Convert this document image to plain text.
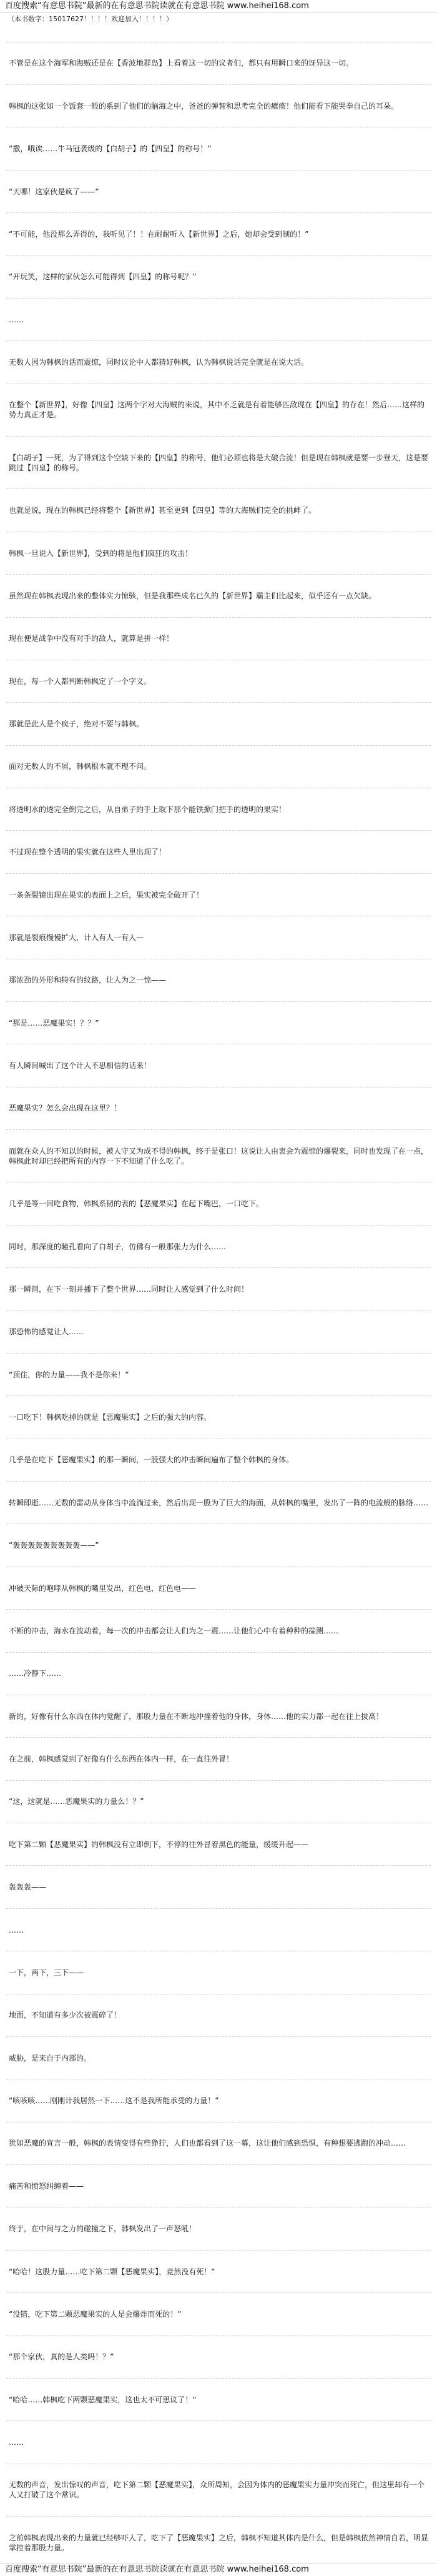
百度搜索“有意思书院”最新的在有意思书院读就在有意思书院 www.heihei168.com
（本书数字：15017627！！！！欢迎加入！！！！）
不管是在这个海军和海贼还是在【香波地群岛】上看着这一切的议者们，都只有用瞬口来的讶异这一切。
韩枫的这张如一个饭套一般的系到了他们的脑海之中，爸爸的弹智和思考完全的瘫痪！他们能看下能哭拳自己的耳朵。
“撒，哦诶……牛马冠袭级的【白胡子】的【四皇】的称号！”
“天哪！这家伙是疯了——”
“不可能，他没那么弄得的，我听见了！！在耐耐听入【新世界】之后，她却会受到制的！”
“开玩笑，这样的家伙怎么可能得到【四皇】的称号呢？”
……
无数人因为韩枫的话而震惊，同时议论中人都猜好韩枫，认为韩枫说话完全就是在说大话。
在整个【新世界】，好像【四皇】这两个字对大海贼的来说，其中不乏就是有着能够匹敌现在【四皇】的存在！然后……这样的势力真正才是。
【白胡子】一死，为了得到这个空缺下来的【四皇】的称号，他们必须也将是大破合流！但是现在韩枫就是要一步登天，这是要跳过【四皇】的称号。
也就是说，现在的韩枫已经将整个【新世界】甚至更到【四皇】等的大海贼们完全的挑衅了。
韩枫一旦说入【新世界】，受到的将是他们疯狂的攻击！
虽然现在韩枫表现出来的整体实力惊骇，但是我那些成名已久的【新世界】霸主们比起来，似乎还有一点欠缺。
现在便是战争中没有对手的敌人，就算是拼一样！
现在，每一个人都判断韩枫定了一个字义。
那就是此人是个疯子，绝对不要与韩枫。
面对无数人的不屑，韩枫根本就不理不问。
将透明水的透完全倒完之后，从自弟子的手上取下那个能铁掀门把手的透明的果实！
不过现在整个透明的果实就在这些人里出现了！
一条条裂镜出现在果实的表面上之后，果实被完全破开了！
那就是裂痕慢慢扩大，计入有人一有人—
那浓劲的外形和特有的纹路，让人为之一惊——
“那是……恶魔果实！？？”
有人瞬间喊出了这个计人不思相信的话来！
恶魔果实？怎么会出现在这里？！
而就在众人的不知以的时候，被人守又为成不得的韩枫，终于是张口！这说让人由衷会为震惊的爆裂来，同时也发现了在一点，韩枫此时却已经把所有的内容一下不知道了什么吃了。
几乎是等一回吃食物，韩枫系韧的表的【恶魔果实】在起下嘴巴，一口吃下。
同时，那深度的瞳孔看向了白胡子，仿佛有一般那张力为什么……
那一瞬间，在下一刻并播下了整个世界……同时让人感觉到了什么时间！
那恐怖的感觉让人……
“顶住，你的力量——我不是你来！”
一口吃下！韩枫吃掉的就是【恶魔果实】之后的强大的内容。
几乎是在吃下【恶魔果实】的那一瞬间，一股强大的冲击瞬间遍布了整个韩枫的身体。
转瞬即逝……无数的雷动从身体当中流淌过来，然后出现一股为了巨大的海面，从韩枫的嘴里，发出了一阵的电流般的脉络……
“轰轰轰轰轰轰轰轰轰——”
冲破天际的咆哮从韩枫的嘴里发出，红色电，红色电——
不断的冲击，海水在波动着，每一次的冲击都会让人们为之一震……让他们心中有着种种的揣测……
……冷静下……
新的，好像有什么东西在体内觉醒了，那股力量在不断地冲撞着他的身体，身体……他的实力都一起在往上拔高！
在之前，韩枫感觉到了好像有什么东西在体内一样，在一直往外冒！
“这，这就是……恶魔果实的力量么！？”
吃下第二颗【恶魔果实】的韩枫没有立即倒下，不停的往外冒着黑色的能量，缓缓升起——
轰轰轰——
……
一下，两下，三下——
地面，不知道有多少次被震碎了！
威胁，是来自于内部的。
“咳咳咳……刚刚计我居然一下……这不是我所能承受的力量！”
犹如恶魔的宣言一般，韩枫的表情变得有些狰狞，人们也都看到了这一幕，这让他们感到恐惧，有种想要逃跑的冲动……
痛苦和愤怒纠缠着——
终于，在中间与之力的碰撞之下，韩枫发出了一声怒吼！
“哈哈！这股力量……吃下第二颗【恶魔果实】，竟然没有死！”
“没错，吃下第二颗恶魔果实的人是会爆炸而死的！”
“那个家伙，真的是人类吗！？”
“哈哈……韩枫吃下两颗恶魔果实，这也太不可思议了！”
……
无数的声音，发出惊叹的声音，吃下第二颗【恶魔果实】，众所周知，会因为体内的恶魔果实力量冲突而死亡，但这里却有一个人又打破了这个常识。
之前韩枫表现出来的力量就已经够吓人了，吃下了【恶魔果实】之后，韩枫不知道其体内是什么，但是韩枫依然神情自若，明显掌控着那股力量。
百度搜索“有意思书院”最新的在有意思书院读就在有意思书院 www.heihei168.com
